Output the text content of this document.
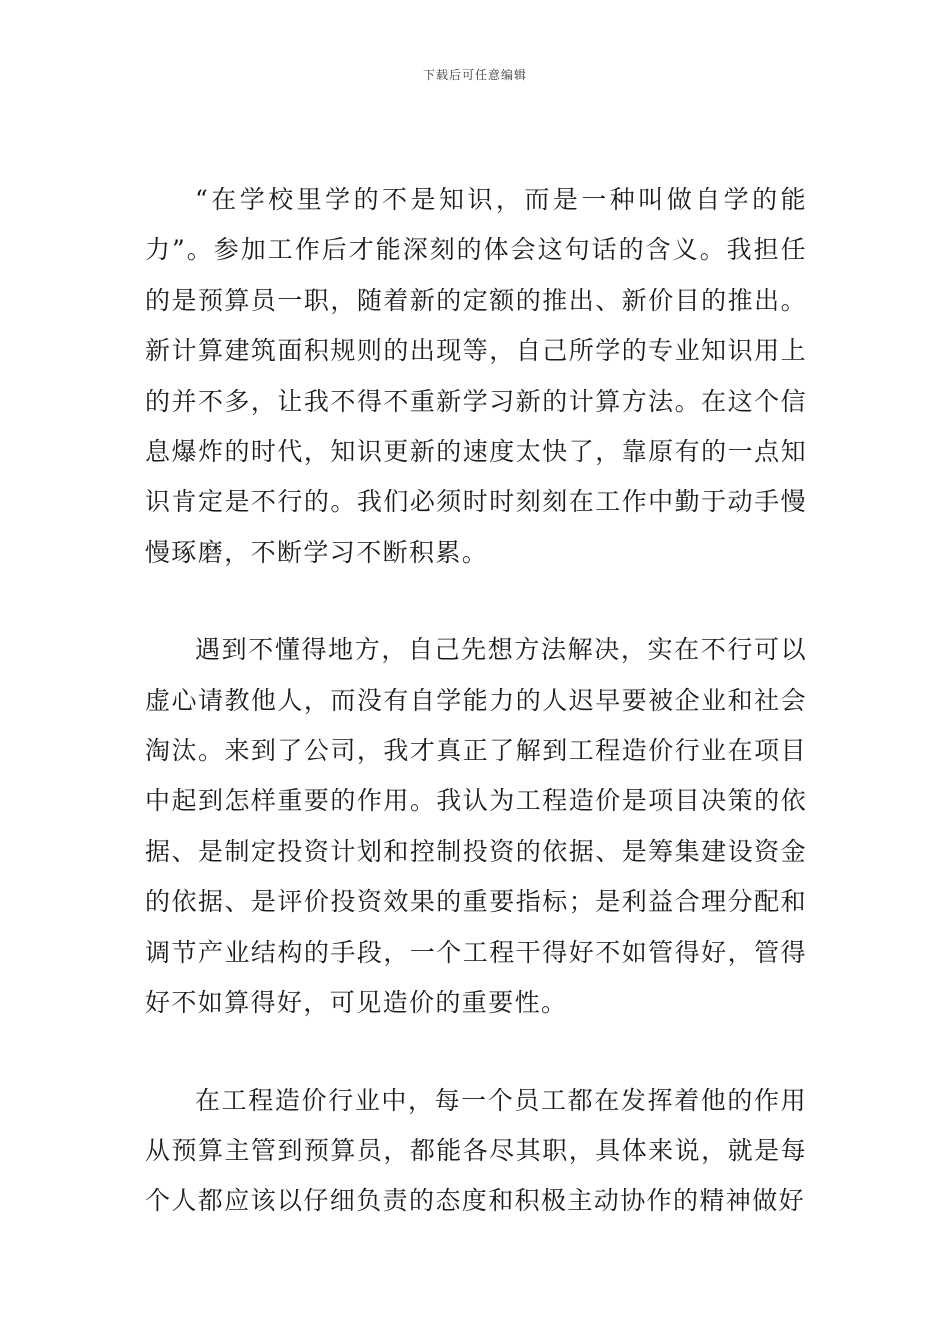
下载后可任意编辑

“在学校里学的不是知识，而是一种叫做自学的能力”。参加工作后才能深刻的体会这句话的含义。我担任的是预算员一职，随着新的定额的推出、新价目的推出。新计算建筑面积规则的出现等，自己所学的专业知识用上的并不多，让我不得不重新学习新的计算方法。在这个信息爆炸的时代，知识更新的速度太快了，靠原有的一点知识肯定是不行的。我们必须时时刻刻在工作中勤于动手慢慢琢磨，不断学习不断积累。

遇到不懂得地方，自己先想方法解决，实在不行可以虚心请教他人，而没有自学能力的人迟早要被企业和社会淘汰。来到了公司，我才真正了解到工程造价行业在项目中起到怎样重要的作用。我认为工程造价是项目决策的依据、是制定投资计划和控制投资的依据、是筹集建设资金的依据、是评价投资效果的重要指标；是利益合理分配和调节产业结构的手段，一个工程干得好不如管得好，管得好不如算得好，可见造价的重要性。

在工程造价行业中，每一个员工都在发挥着他的作用从预算主管到预算员，都能各尽其职，具体来说，就是每个人都应该以仔细负责的态度和积极主动协作的精神做好
